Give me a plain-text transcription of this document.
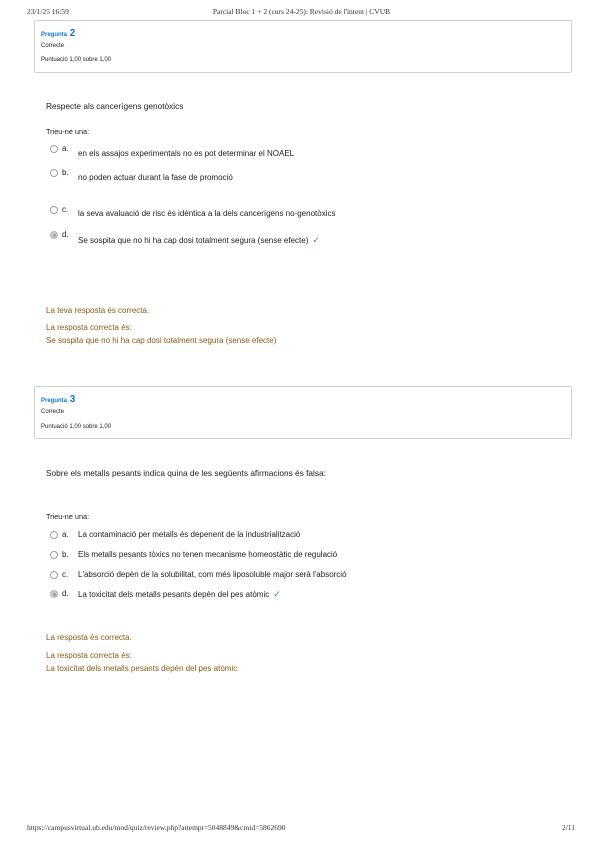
23/1/25 16:59	Parcial Bloc 1 + 2 (curs 24-25): Revisió de l'intent | CVUB
Pregunta 2
Correcte
Puntuació 1,00 sobre 1,00
Respecte als cancerígens genotòxics
Trieu-ne una:
a.
en els assajos experimentals no es pot determinar el NOAEL
b.
no poden actuar durant la fase de promoció
c. la seva avaluació de risc és idèntica a la dels cancerígens no-genotòxics
d.
Se sospita que no hi ha cap dosi totalment segura (sense efecte) ✓
La teva resposta és correcta.
La resposta correcta és:
Se sospita que no hi ha cap dosi totalment segura (sense efecte)
Pregunta 3
Correcte
Puntuació 1,00 sobre 1,00
Sobre els metalls pesants indica quina de les següents afirmacions és falsa:
Trieu-ne una:
a. La contaminació per metalls és depenent de la industrialització
b. Els metalls pesants tòxics no tenen mecanisme homeostàtic de regulació
c. L'absorció depèn de la solubilitat, com més liposoluble major serà l'absorció
d. La toxicitat dels metalls pesants depèn del pes atòmic ✓
La resposta és correcta.
La resposta correcta és:
La toxicitat dels metalls pesants depèn del pes atòmic
https://campusvirtual.ub.edu/mod/quiz/review.php?attempt=5048849&cmid=5862690	2/11
